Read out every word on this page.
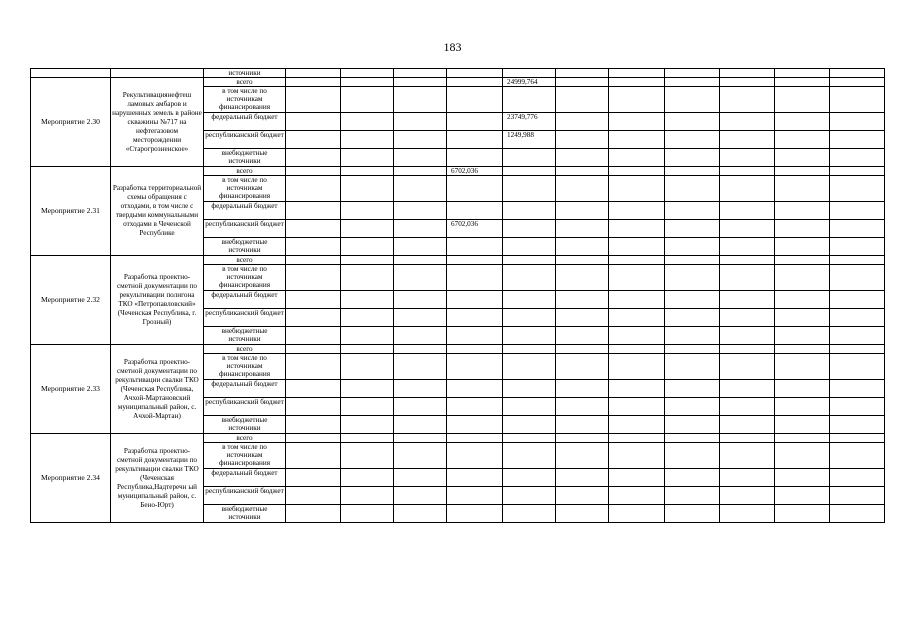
183
		источники											
Мероприятие 2.30	Рекультивациянефтеш ламовых амбаров и нарушенных земель в районе скважины №717 на нефтегазовом месторождении «Старогрозненское»	всего					24999,764						
		в том числе по источникам финансирования											
		федеральный бюджет					23749,776						
		республиканский бюджет					1249,988						
		внебюджетные источники											
Мероприятие 2.31	Разработка территориальной схемы обращения с отходами, в том числе с твердыми коммунальными отходами в Чеченской Республике	всего				6702,036							
		в том числе по источникам финансирования											
		федеральный бюджет											
		республиканский бюджет				6702,036							
		внебюджетные источники											
Мероприятие 2.32	Разработка проектно-сметной документации по рекультивации полигона ТКО «Петропавловский» (Чеченская Республика, г. Грозный)	всего											
		в том числе по источникам финансирования											
		федеральный бюджет											
		республиканский бюджет											
		внебюджетные источники											
Мероприятие 2.33	Разработка проектно-сметной документации по рекультивации свалки ТКО (Чеченская Республика, Ачхой-Мартановский муниципальный район, с. Ачхой-Мартан)	всего											
		в том числе по источникам финансирования											
		федеральный бюджет											
		республиканский бюджет											
		внебюджетные источники											
Мероприятие 2.34	Разработка проектно-сметной документации по рекультивации свалки ТКО (Чеченская Республика,Надтеречн ый муниципальный район, с. Бено-Юрт)	всего											
		в том числе по источникам финансирования											
		федеральный бюджет											
		республиканский бюджет											
		внебюджетные источники											
